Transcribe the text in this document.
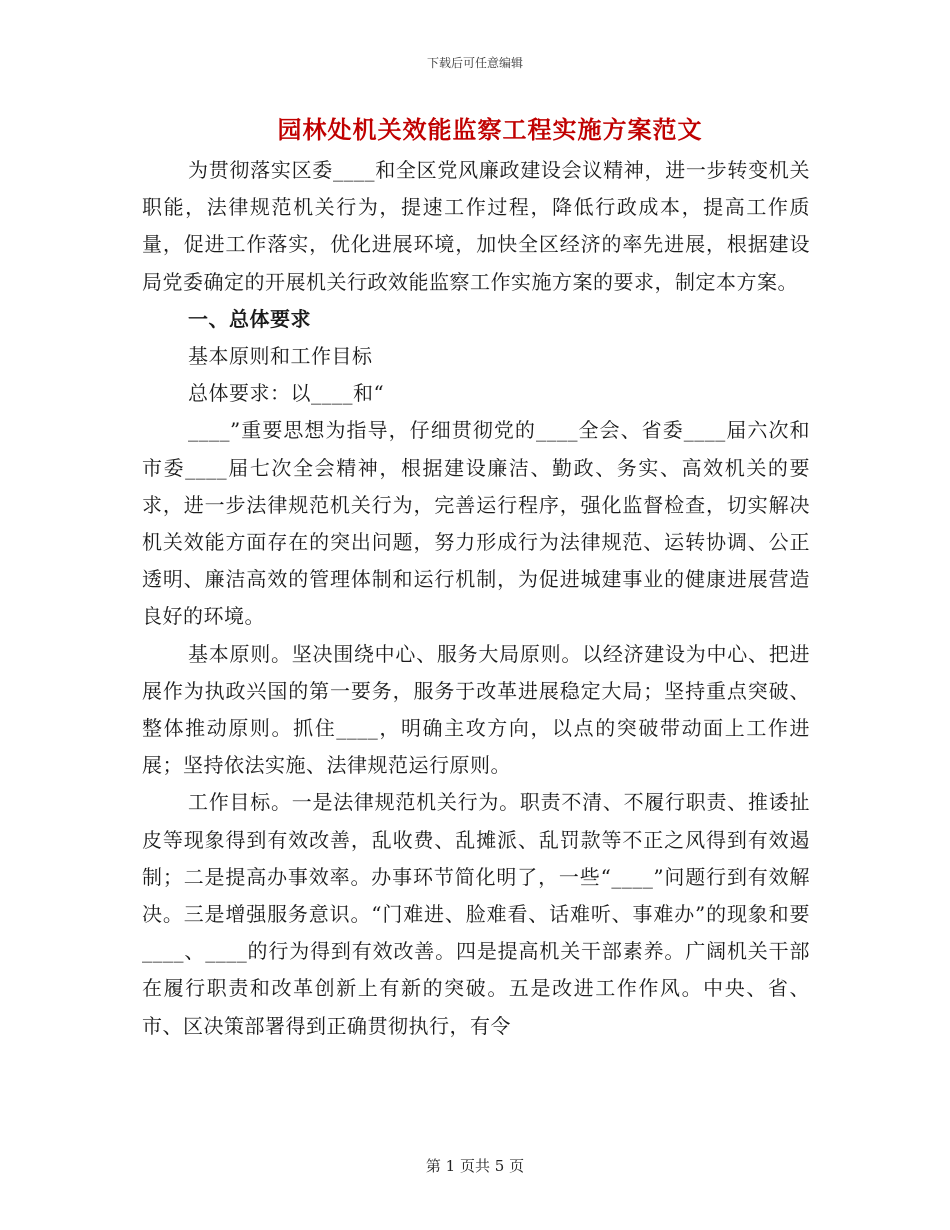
下载后可任意编辑
园林处机关效能监察工程实施方案范文

为贯彻落实区委____和全区党风廉政建设会议精神，进一步转变机关职能，法律规范机关行为，提速工作过程，降低行政成本，提高工作质量，促进工作落实，优化进展环境，加快全区经济的率先进展，根据建设局党委确定的开展机关行政效能监察工作实施方案的要求，制定本方案。

一、总体要求

基本原则和工作目标

总体要求：以____和“

____”重要思想为指导，仔细贯彻党的____全会、省委____届六次和市委____届七次全会精神，根据建设廉洁、勤政、务实、高效机关的要求，进一步法律规范机关行为，完善运行程序，强化监督检查，切实解决机关效能方面存在的突出问题，努力形成行为法律规范、运转协调、公正透明、廉洁高效的管理体制和运行机制，为促进城建事业的健康进展营造良好的环境。

基本原则。坚决围绕中心、服务大局原则。以经济建设为中心、把进展作为执政兴国的第一要务，服务于改革进展稳定大局；坚持重点突破、整体推动原则。抓住____，明确主攻方向，以点的突破带动面上工作进展；坚持依法实施、法律规范运行原则。

工作目标。一是法律规范机关行为。职责不清、不履行职责、推诿扯皮等现象得到有效改善，乱收费、乱摊派、乱罚款等不正之风得到有效遏制；二是提高办事效率。办事环节简化明了，一些“____”问题行到有效解决。三是增强服务意识。“门难进、脸难看、话难听、事难办”的现象和要____、____的行为得到有效改善。四是提高机关干部素养。广阔机关干部在履行职责和改革创新上有新的突破。五是改进工作作风。中央、省、市、区决策部署得到正确贯彻执行，有令

第 1 页共 5 页
